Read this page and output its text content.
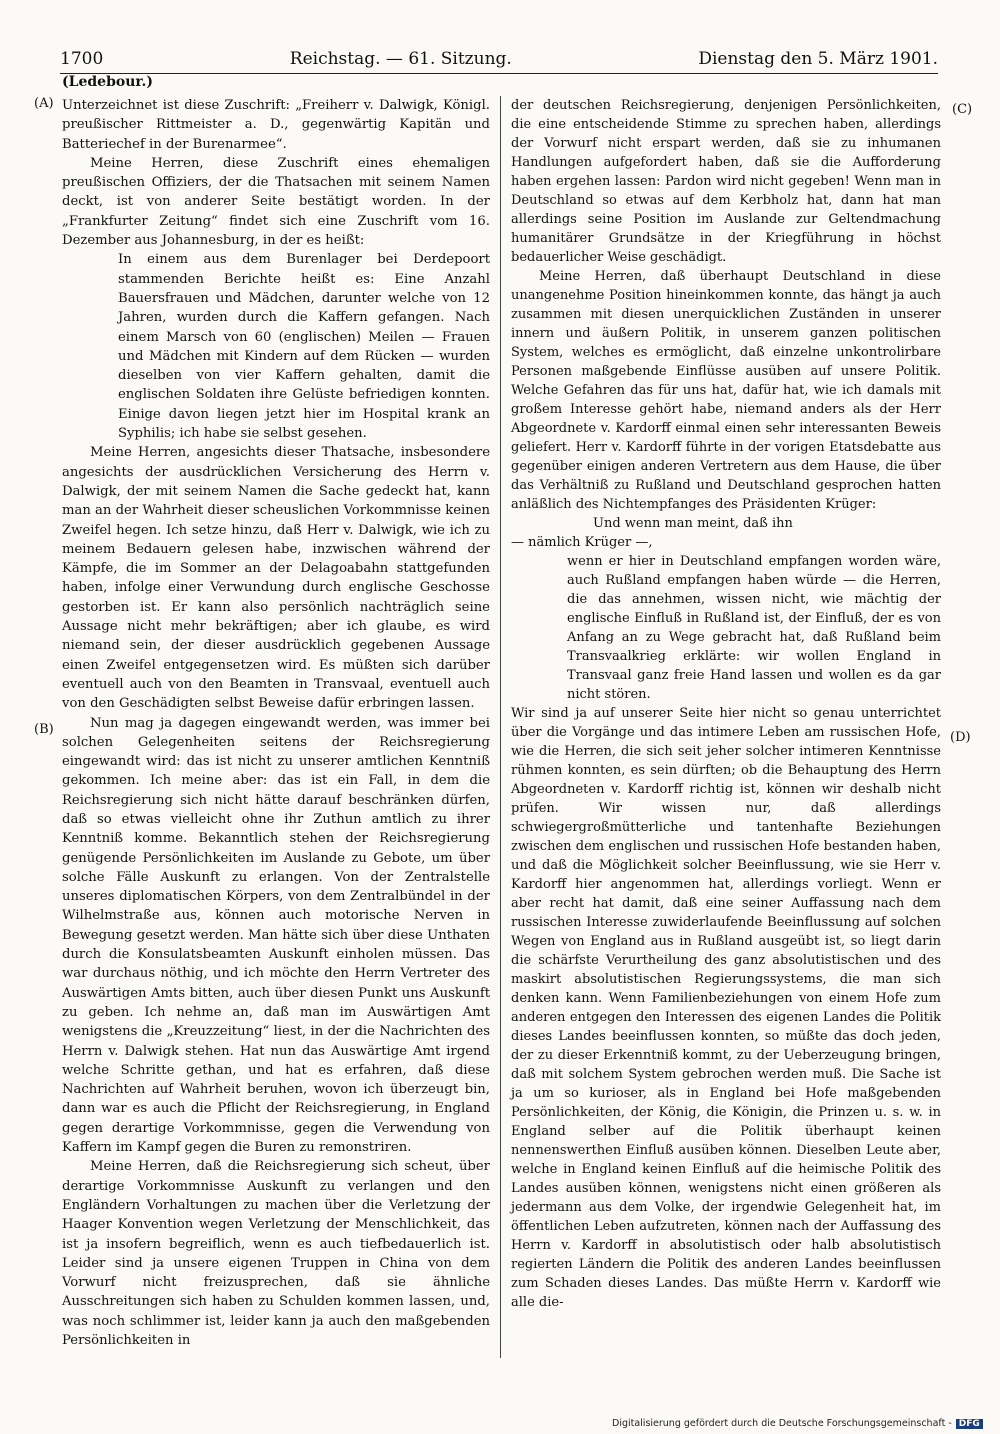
1700	Reichstag. — 61. Sitzung.	Dienstag den 5. März 1901.
(Ledebour.)
(A)
(B)
(C)
(D)

Unterzeichnet ist diese Zuschrift: „Freiherr v. Dalwigk, Königl. preußischer Rittmeister a. D., gegenwärtig Kapitän und Batteriechef in der Burenarmee“.

Meine Herren, diese Zuschrift eines ehemaligen preußischen Offiziers, der die Thatsachen mit seinem Namen deckt, ist von anderer Seite bestätigt worden. In der „Frankfurter Zeitung“ findet sich eine Zuschrift vom 16. Dezember aus Johannesburg, in der es heißt:

In einem aus dem Burenlager bei Derdepoort stammenden Berichte heißt es: Eine Anzahl Bauersfrauen und Mädchen, darunter welche von 12 Jahren, wurden durch die Kaffern gefangen. Nach einem Marsch von 60 (englischen) Meilen — Frauen und Mädchen mit Kindern auf dem Rücken — wurden dieselben von vier Kaffern gehalten, damit die englischen Soldaten ihre Gelüste befriedigen konnten. Einige davon liegen jetzt hier im Hospital krank an Syphilis; ich habe sie selbst gesehen.

Meine Herren, angesichts dieser Thatsache, insbesondere angesichts der ausdrücklichen Versicherung des Herrn v. Dalwigk, der mit seinem Namen die Sache gedeckt hat, kann man an der Wahrheit dieser scheuslichen Vorkommnisse keinen Zweifel hegen. Ich setze hinzu, daß Herr v. Dalwigk, wie ich zu meinem Bedauern gelesen habe, inzwischen während der Kämpfe, die im Sommer an der Delagoabahn stattgefunden haben, infolge einer Verwundung durch englische Geschosse gestorben ist. Er kann also persönlich nachträglich seine Aussage nicht mehr bekräftigen; aber ich glaube, es wird niemand sein, der dieser ausdrücklich gegebenen Aussage einen Zweifel entgegensetzen wird. Es müßten sich darüber eventuell auch von den Beamten in Transvaal, eventuell auch von den Geschädigten selbst Beweise dafür erbringen lassen.

Nun mag ja dagegen eingewandt werden, was immer bei solchen Gelegenheiten seitens der Reichsregierung eingewandt wird: das ist nicht zu unserer amtlichen Kenntniß gekommen. Ich meine aber: das ist ein Fall, in dem die Reichsregierung sich nicht hätte darauf beschränken dürfen, daß so etwas vielleicht ohne ihr Zuthun amtlich zu ihrer Kenntniß komme. Bekanntlich stehen der Reichsregierung genügende Persönlichkeiten im Auslande zu Gebote, um über solche Fälle Auskunft zu erlangen. Von der Zentralstelle unseres diplomatischen Körpers, von dem Zentralbündel in der Wilhelmstraße aus, können auch motorische Nerven in Bewegung gesetzt werden. Man hätte sich über diese Unthaten durch die Konsulatsbeamten Auskunft einholen müssen. Das war durchaus nöthig, und ich möchte den Herrn Vertreter des Auswärtigen Amts bitten, auch über diesen Punkt uns Auskunft zu geben. Ich nehme an, daß man im Auswärtigen Amt wenigstens die „Kreuzzeitung“ liest, in der die Nachrichten des Herrn v. Dalwigk stehen. Hat nun das Auswärtige Amt irgend welche Schritte gethan, und hat es erfahren, daß diese Nachrichten auf Wahrheit beruhen, wovon ich überzeugt bin, dann war es auch die Pflicht der Reichsregierung, in England gegen derartige Vorkommnisse, gegen die Verwendung von Kaffern im Kampf gegen die Buren zu remonstriren.

Meine Herren, daß die Reichsregierung sich scheut, über derartige Vorkommnisse Auskunft zu verlangen und den Engländern Vorhaltungen zu machen über die Verletzung der Haager Konvention wegen Verletzung der Menschlichkeit, das ist ja insofern begreiflich, wenn es auch tiefbedauerlich ist. Leider sind ja unsere eigenen Truppen in China von dem Vorwurf nicht freizusprechen, daß sie ähnliche Ausschreitungen sich haben zu Schulden kommen lassen, und, was noch schlimmer ist, leider kann ja auch den maßgebenden Persönlichkeiten in

der deutschen Reichsregierung, denjenigen Persönlichkeiten, die eine entscheidende Stimme zu sprechen haben, allerdings der Vorwurf nicht erspart werden, daß sie zu inhumanen Handlungen aufgefordert haben, daß sie die Aufforderung haben ergehen lassen: Pardon wird nicht gegeben! Wenn man in Deutschland so etwas auf dem Kerbholz hat, dann hat man allerdings seine Position im Auslande zur Geltendmachung humanitärer Grundsätze in der Kriegführung in höchst bedauerlicher Weise geschädigt.

Meine Herren, daß überhaupt Deutschland in diese unangenehme Position hineinkommen konnte, das hängt ja auch zusammen mit diesen unerquicklichen Zuständen in unserer innern und äußern Politik, in unserem ganzen politischen System, welches es ermöglicht, daß einzelne unkontrolirbare Personen maßgebende Einflüsse ausüben auf unsere Politik. Welche Gefahren das für uns hat, dafür hat, wie ich damals mit großem Interesse gehört habe, niemand anders als der Herr Abgeordnete v. Kardorff einmal einen sehr interessanten Beweis geliefert. Herr v. Kardorff führte in der vorigen Etatsdebatte aus gegenüber einigen anderen Vertretern aus dem Hause, die über das Verhältniß zu Rußland und Deutschland gesprochen hatten anläßlich des Nichtempfanges des Präsidenten Krüger:

Und wenn man meint, daß ihn

— nämlich Krüger —,

wenn er hier in Deutschland empfangen worden wäre, auch Rußland empfangen haben würde — die Herren, die das annehmen, wissen nicht, wie mächtig der englische Einfluß in Rußland ist, der Einfluß, der es von Anfang an zu Wege gebracht hat, daß Rußland beim Transvaalkrieg erklärte: wir wollen England in Transvaal ganz freie Hand lassen und wollen es da gar nicht stören.

Wir sind ja auf unserer Seite hier nicht so genau unterrichtet über die Vorgänge und das intimere Leben am russischen Hofe, wie die Herren, die sich seit jeher solcher intimeren Kenntnisse rühmen konnten, es sein dürften; ob die Behauptung des Herrn Abgeordneten v. Kardorff richtig ist, können wir deshalb nicht prüfen. Wir wissen nur, daß allerdings schwiegergroßmütterliche und tantenhafte Beziehungen zwischen dem englischen und russischen Hofe bestanden haben, und daß die Möglichkeit solcher Beeinflussung, wie sie Herr v. Kardorff hier angenommen hat, allerdings vorliegt. Wenn er aber recht hat damit, daß eine seiner Auffassung nach dem russischen Interesse zuwiderlaufende Beeinflussung auf solchen Wegen von England aus in Rußland ausgeübt ist, so liegt darin die schärfste Verurtheilung des ganz absolutistischen und des maskirt absolutistischen Regierungssystems, die man sich denken kann. Wenn Familienbeziehungen von einem Hofe zum anderen entgegen den Interessen des eigenen Landes die Politik dieses Landes beeinflussen konnten, so müßte das doch jeden, der zu dieser Erkenntniß kommt, zu der Ueberzeugung bringen, daß mit solchem System gebrochen werden muß. Die Sache ist ja um so kurioser, als in England bei Hofe maßgebenden Persönlichkeiten, der König, die Königin, die Prinzen u. s. w. in England selber auf die Politik überhaupt keinen nennenswerthen Einfluß ausüben können. Dieselben Leute aber, welche in England keinen Einfluß auf die heimische Politik des Landes ausüben können, wenigstens nicht einen größeren als jedermann aus dem Volke, der irgendwie Gelegenheit hat, im öffentlichen Leben aufzutreten, können nach der Auffassung des Herrn v. Kardorff in absolutistisch oder halb absolutistisch regierten Ländern die Politik des anderen Landes beeinflussen zum Schaden dieses Landes. Das müßte Herrn v. Kardorff wie alle die-

Digitalisierung gefördert durch die Deutsche Forschungsgemeinschaft - DFG
